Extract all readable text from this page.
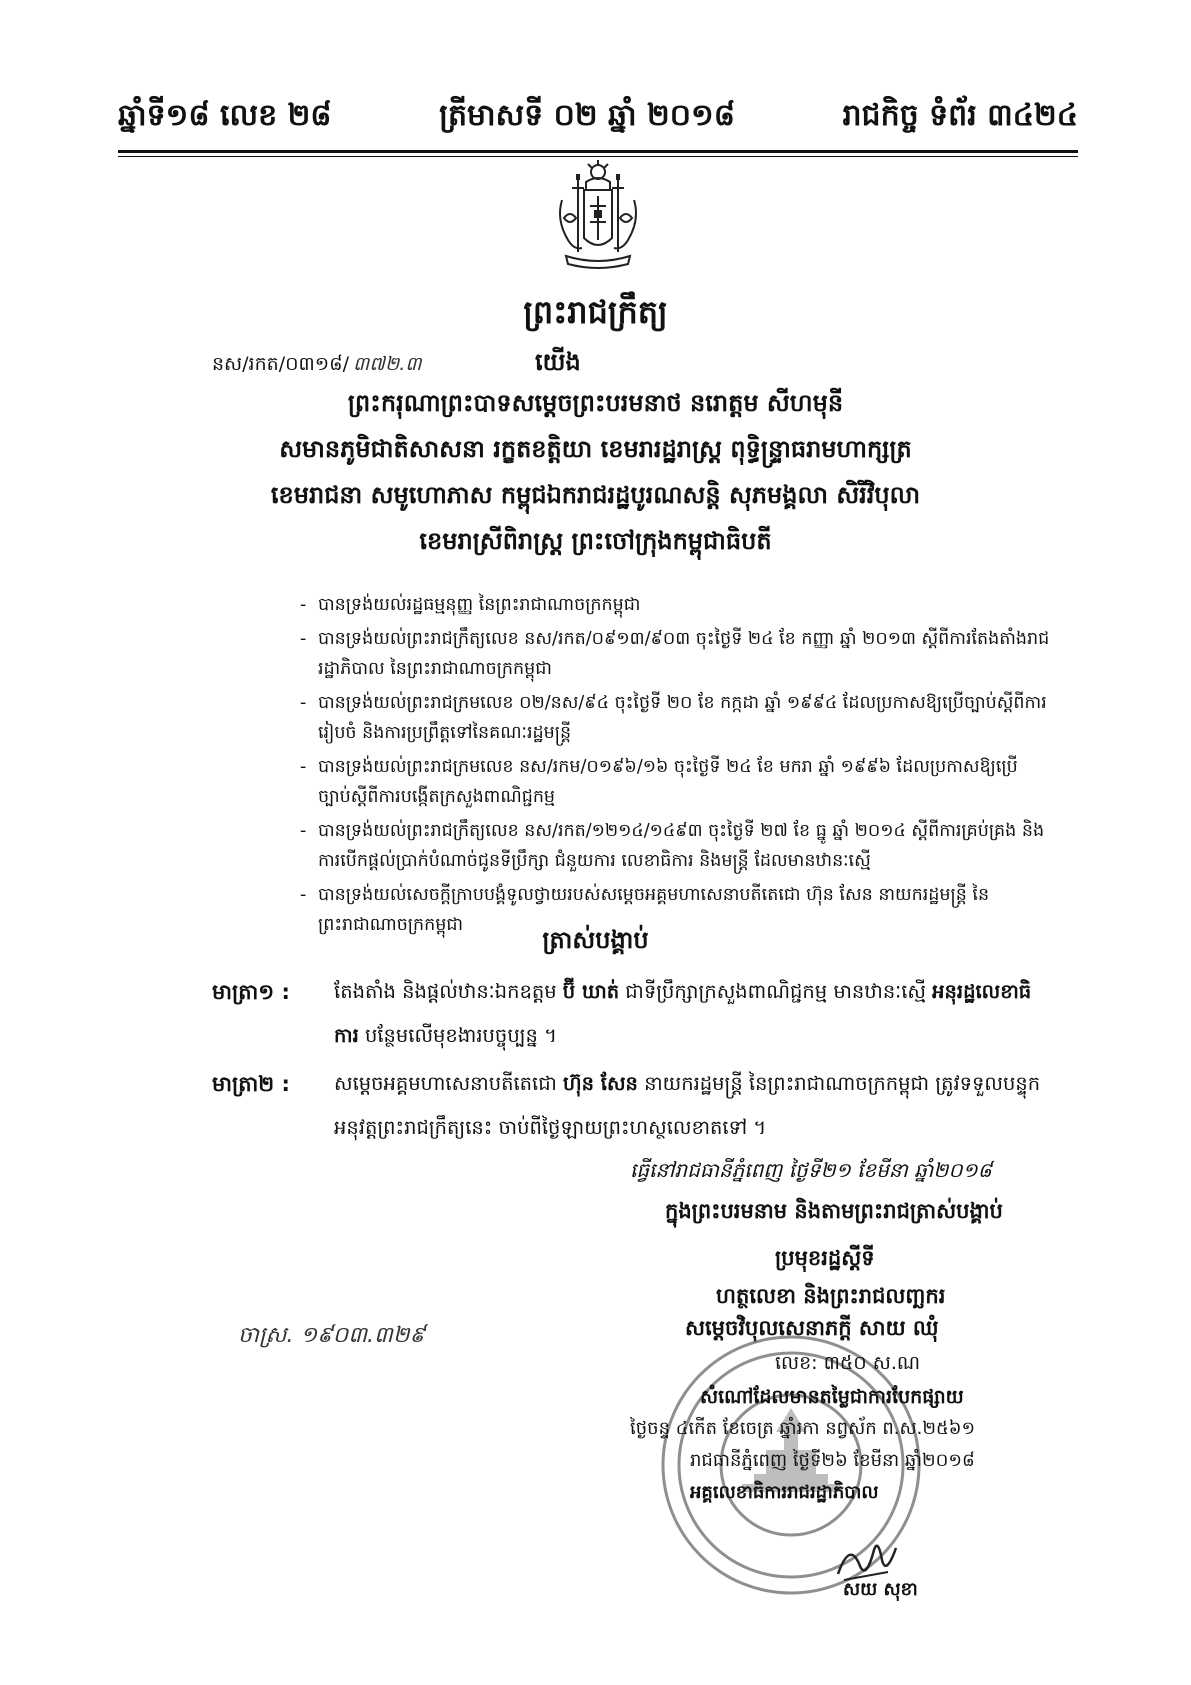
ឆ្នាំទី១៨ លេខ ២៨	ត្រីមាសទី ០២ ឆ្នាំ ២០១៨	រាជកិច្ច ទំព័រ ៣៤២៤
ព្រះរាជក្រឹត្យ
នស/រកត/០៣១៨/ ៣៧២.៣	យើង
ព្រះករុណាព្រះបាទសម្ដេចព្រះបរមនាថ នរោត្តម សីហមុនី
សមានភូមិជាតិសាសនា រក្ខតខត្តិយា ខេមរារដ្ឋរាស្ត្រ ពុទ្ធិន្ទ្រាធរាមហាក្សត្រ
ខេមរាជនា សមូហោភាស កម្ពុជឯករាជរដ្ឋបូរណសន្តិ សុភមង្គលា សិរីវិបុលា
ខេមរាស្រីពិរាស្ត្រ ព្រះចៅក្រុងកម្ពុជាធិបតី
- បានទ្រង់យល់រដ្ឋធម្មនុញ្ញ នៃព្រះរាជាណាចក្រកម្ពុជា
- បានទ្រង់យល់ព្រះរាជក្រឹត្យលេខ នស/រកត/០៩១៣/៩០៣ ចុះថ្ងៃទី ២៤ ខែ កញ្ញា ឆ្នាំ ២០១៣ ស្ដីពីការតែងតាំងរាជរដ្ឋាភិបាល នៃព្រះរាជាណាចក្រកម្ពុជា
- បានទ្រង់យល់ព្រះរាជក្រមលេខ ០២/នស/៩៤ ចុះថ្ងៃទី ២០ ខែ កក្កដា ឆ្នាំ ១៩៩៤ ដែលប្រកាសឱ្យប្រើច្បាប់ស្ដីពីការរៀបចំ និងការប្រព្រឹត្តទៅនៃគណៈរដ្ឋមន្ត្រី
- បានទ្រង់យល់ព្រះរាជក្រមលេខ នស/រកម/០១៩៦/១៦ ចុះថ្ងៃទី ២៤ ខែ មករា ឆ្នាំ ១៩៩៦ ដែលប្រកាសឱ្យប្រើច្បាប់ស្ដីពីការបង្កើតក្រសួងពាណិជ្ជកម្ម
- បានទ្រង់យល់ព្រះរាជក្រឹត្យលេខ នស/រកត/១២១៤/១៤៩៣ ចុះថ្ងៃទី ២៧ ខែ ធ្នូ ឆ្នាំ ២០១៤ ស្ដីពីការគ្រប់គ្រង និងការបើកផ្ដល់ប្រាក់បំណាច់ជូនទីប្រឹក្សា ជំនួយការ លេខាធិការ និងមន្ត្រី ដែលមានឋានៈស្មើ
- បានទ្រង់យល់សេចក្ដីក្រាបបង្គំទូលថ្វាយរបស់សម្ដេចអគ្គមហាសេនាបតីតេជោ ហ៊ុន សែន នាយករដ្ឋមន្ត្រី នៃព្រះរាជាណាចក្រកម្ពុជា
ត្រាស់បង្គាប់
មាត្រា១ : តែងតាំង និងផ្ដល់ឋានៈឯកឧត្ដម ប៊ី ឃាត់ ជាទីប្រឹក្សាក្រសួងពាណិជ្ជកម្ម មានឋានៈស្មើ អនុរដ្ឋលេខាធិការ បន្ថែមលើមុខងារបច្ចុប្បន្ន ។
មាត្រា២ : សម្ដេចអគ្គមហាសេនាបតីតេជោ ហ៊ុន សែន នាយករដ្ឋមន្ត្រី នៃព្រះរាជាណាចក្រកម្ពុជា ត្រូវទទួលបន្ទុកអនុវត្តព្រះរាជក្រឹត្យនេះ ចាប់ពីថ្ងៃឡាយព្រះហស្ថលេខាតទៅ ។
ធ្វើនៅរាជធានីភ្នំពេញ ថ្ងៃទី២១ ខែមីនា ឆ្នាំ២០១៨
ក្នុងព្រះបរមនាម និងតាមព្រះរាជត្រាស់បង្គាប់
ប្រមុខរដ្ឋស្ដីទី
ហត្ថលេខា និងព្រះរាជលញ្ឆករ
សម្ដេចវិបុលសេនាភក្ដី សាយ ឈុំ
ចាស្រ. ១៩០៣.៣២៩
លេខ: ៣៥០ ស.ណ
សំណៅដែលមានតម្លៃជាការបែកផ្សាយ
ថ្ងៃចន្ទ ៤កើត ខែចេត្រ ឆ្នាំរកា នព្វស័ក ព.ស.២៥៦១
រាជធានីភ្នំពេញ ថ្ងៃទី២៦ ខែមីនា ឆ្នាំ២០១៨
អគ្គលេខាធិការរាជរដ្ឋាភិបាល
សយ សុខា
